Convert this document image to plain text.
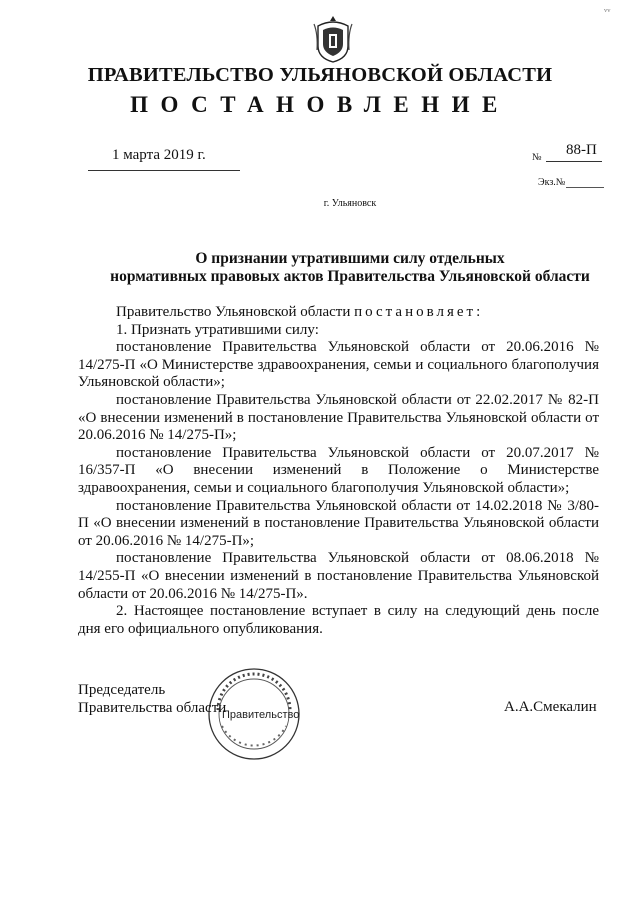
ᵛᵛ
ПРАВИТЕЛЬСТВО УЛЬЯНОВСКОЙ ОБЛАСТИ
ПОСТАНОВЛЕНИЕ
1 марта 2019 г.	№ 88-П
Экз.№
г. Ульяновск
О признании утратившими силу отдельных
нормативных правовых актов Правительства Ульяновской области

Правительство Ульяновской области постановляет:

1. Признать утратившими силу:

постановление Правительства Ульяновской области от 20.06.2016 № 14/275-П «О Министерстве здравоохранения, семьи и социального благополучия Ульяновской области»;

постановление Правительства Ульяновской области от 22.02.2017 № 82-П «О внесении изменений в постановление Правительства Ульяновской области от 20.06.2016 № 14/275-П»;

постановление Правительства Ульяновской области от 20.07.2017 № 16/357-П «О внесении изменений в Положение о Министерстве здравоохранения, семьи и социального благополучия Ульяновской области»;

постановление Правительства Ульяновской области от 14.02.2018 № 3/80-П «О внесении изменений в постановление Правительства Ульяновской области от 20.06.2016 № 14/275-П»;

постановление Правительства Ульяновской области от 08.06.2018 № 14/255-П «О внесении изменений в постановление Правительства Ульяновской области от 20.06.2016 № 14/275-П».

2. Настоящее постановление вступает в силу на следующий день после дня его официального опубликования.

Правительство
Председатель
Правительства области	А.А.Смекалин
